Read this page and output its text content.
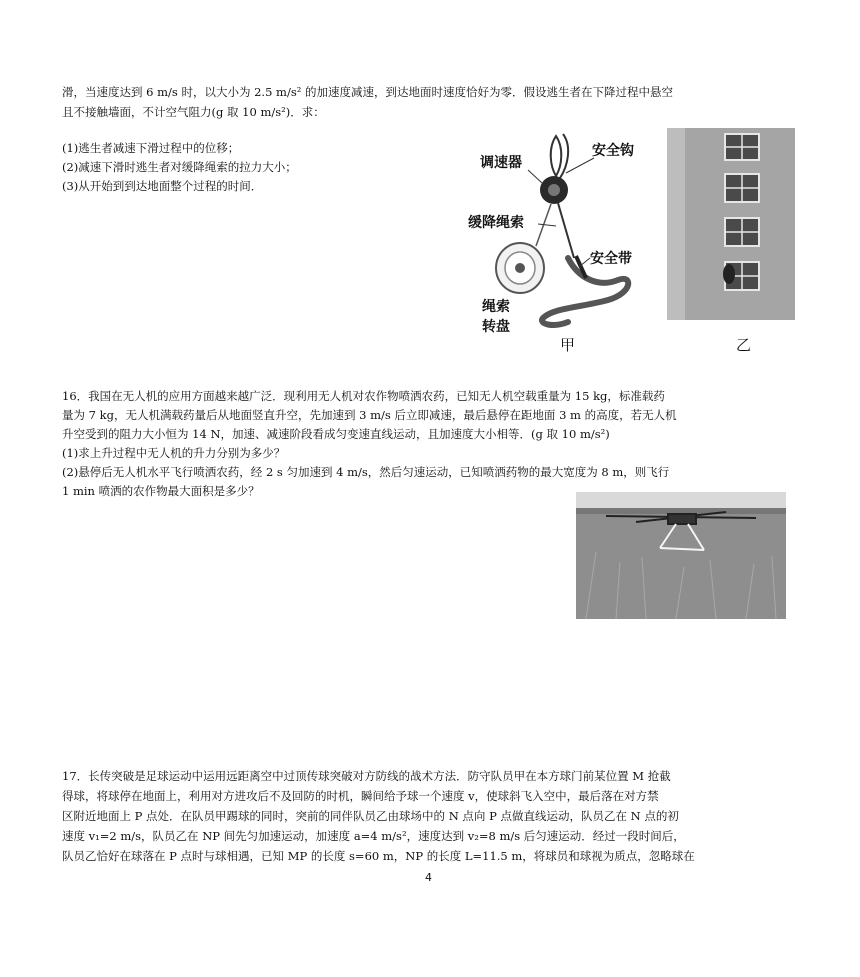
滑，当速度达到 6 m/s 时，以大小为 2.5 m/s² 的加速度减速，到达地面时速度恰好为零．假设逃生者在下降过程中悬空
且不接触墙面，不计空气阻力(g 取 10 m/s²)．求：
(1)逃生者减速下滑过程中的位移；
(2)减速下滑时逃生者对缓降绳索的拉力大小；
(3)从开始到到达地面整个过程的时间．
调速器
安全钩
缓降绳索
安全带
绳索
转盘
甲	乙
16．我国在无人机的应用方面越来越广泛．现利用无人机对农作物喷洒农药，已知无人机空载重量为 15 kg，标准载药
量为 7 kg，无人机满载药量后从地面竖直升空，先加速到 3 m/s 后立即减速，最后悬停在距地面 3 m 的高度，若无人机
升空受到的阻力大小恒为 14 N，加速、减速阶段看成匀变速直线运动，且加速度大小相等．(g 取 10 m/s²)
(1)求上升过程中无人机的升力分别为多少？
(2)悬停后无人机水平飞行喷洒农药，经 2 s 匀加速到 4 m/s，然后匀速运动，已知喷洒药物的最大宽度为 8 m，则飞行
1 min 喷洒的农作物最大面积是多少？
17．长传突破是足球运动中运用远距离空中过顶传球突破对方防线的战术方法．防守队员甲在本方球门前某位置 M 抢截
得球，将球停在地面上，利用对方进攻后不及回防的时机，瞬间给予球一个速度 v，使球斜飞入空中，最后落在对方禁
区附近地面上 P 点处．在队员甲踢球的同时，突前的同伴队员乙由球场中的 N 点向 P 点做直线运动，队员乙在 N 点的初
速度 v₁=2 m/s，队员乙在 NP 间先匀加速运动，加速度 a=4 m/s²，速度达到 v₂=8 m/s 后匀速运动．经过一段时间后，
队员乙恰好在球落在 P 点时与球相遇，已知 MP 的长度 s=60 m，NP 的长度 L=11.5 m，将球员和球视为质点，忽略球在
4
